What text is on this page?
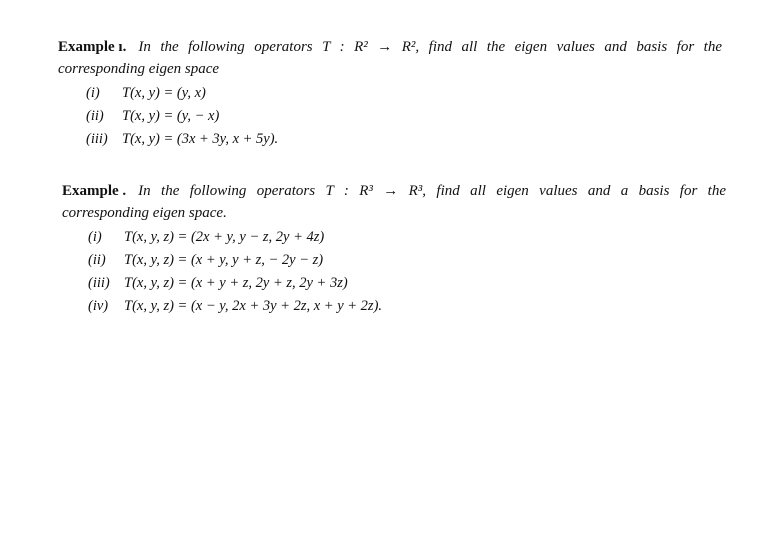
Example ı. In the following operators T : R² → R², find all the eigen values and basis for the
corresponding eigen space
(i) T(x, y) = (y, x)
(ii) T(x, y) = (y, − x)
(iii) T(x, y) = (3x + 3y, x + 5y).
Example . In the following operators T : R³ → R³, find all eigen values and a basis for the
corresponding eigen space.
(i) T(x, y, z) = (2x + y, y − z, 2y + 4z)
(ii) T(x, y, z) = (x + y, y + z, − 2y − z)
(iii) T(x, y, z) = (x + y + z, 2y + z, 2y + 3z)
(iv) T(x, y, z) = (x − y, 2x + 3y + 2z, x + y + 2z).
